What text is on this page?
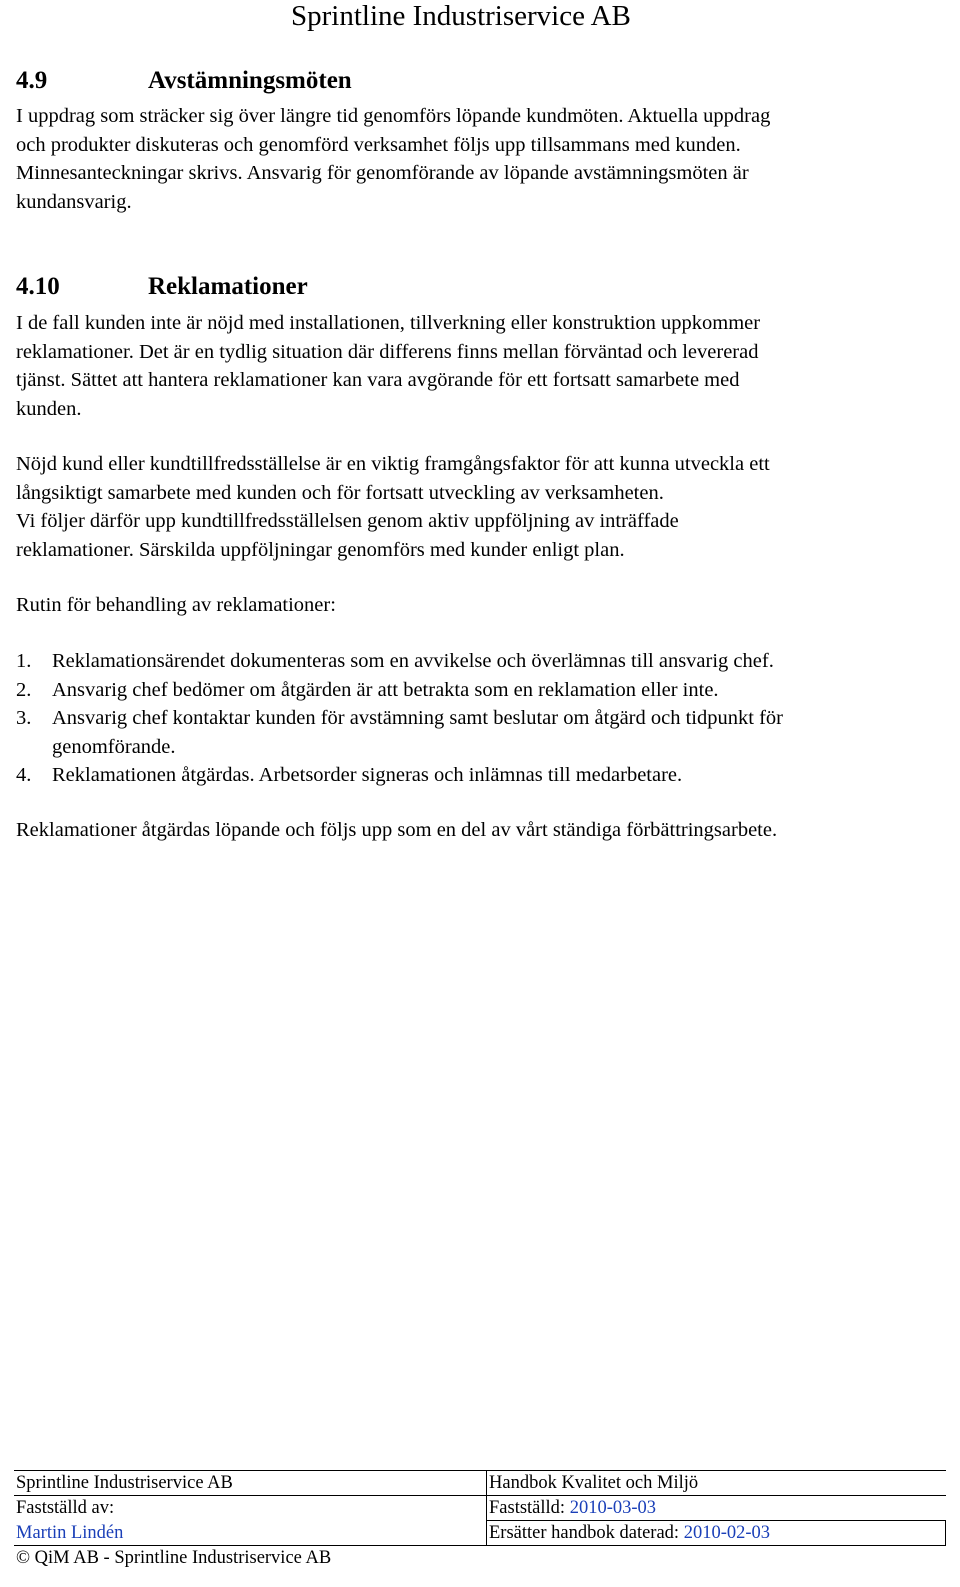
Sprintline Industriservice AB
4.9	Avstämningsmöten
I uppdrag som sträcker sig över längre tid genomförs löpande kundmöten. Aktuella uppdrag
och produkter diskuteras och genomförd verksamhet följs upp tillsammans med kunden.
Minnesanteckningar skrivs. Ansvarig för genomförande av löpande avstämningsmöten är
kundansvarig.
4.10	Reklamationer
I de fall kunden inte är nöjd med installationen, tillverkning eller konstruktion uppkommer
reklamationer. Det är en tydlig situation där differens finns mellan förväntad och levererad
tjänst. Sättet att hantera reklamationer kan vara avgörande för ett fortsatt samarbete med
kunden.
Nöjd kund eller kundtillfredsställelse är en viktig framgångsfaktor för att kunna utveckla ett
långsiktigt samarbete med kunden och för fortsatt utveckling av verksamheten.
Vi följer därför upp kundtillfredsställelsen genom aktiv uppföljning av inträffade
reklamationer. Särskilda uppföljningar genomförs med kunder enligt plan.
Rutin för behandling av reklamationer:
1. Reklamationsärendet dokumenteras som en avvikelse och överlämnas till ansvarig chef.
2. Ansvarig chef bedömer om åtgärden är att betrakta som en reklamation eller inte.
3. Ansvarig chef kontaktar kunden för avstämning samt beslutar om åtgärd och tidpunkt för
genomförande.
4. Reklamationen åtgärdas. Arbetsorder signeras och inlämnas till medarbetare.
Reklamationer åtgärdas löpande och följs upp som en del av vårt ständiga förbättringsarbete.
Sprintline Industriservice AB	Handbok Kvalitet och Miljö
Fastställd av:	Fastställd: 2010-03-03
Martin Lindén	Ersätter handbok daterad: 2010-02-03
© QiM AB - Sprintline Industriservice AB	
